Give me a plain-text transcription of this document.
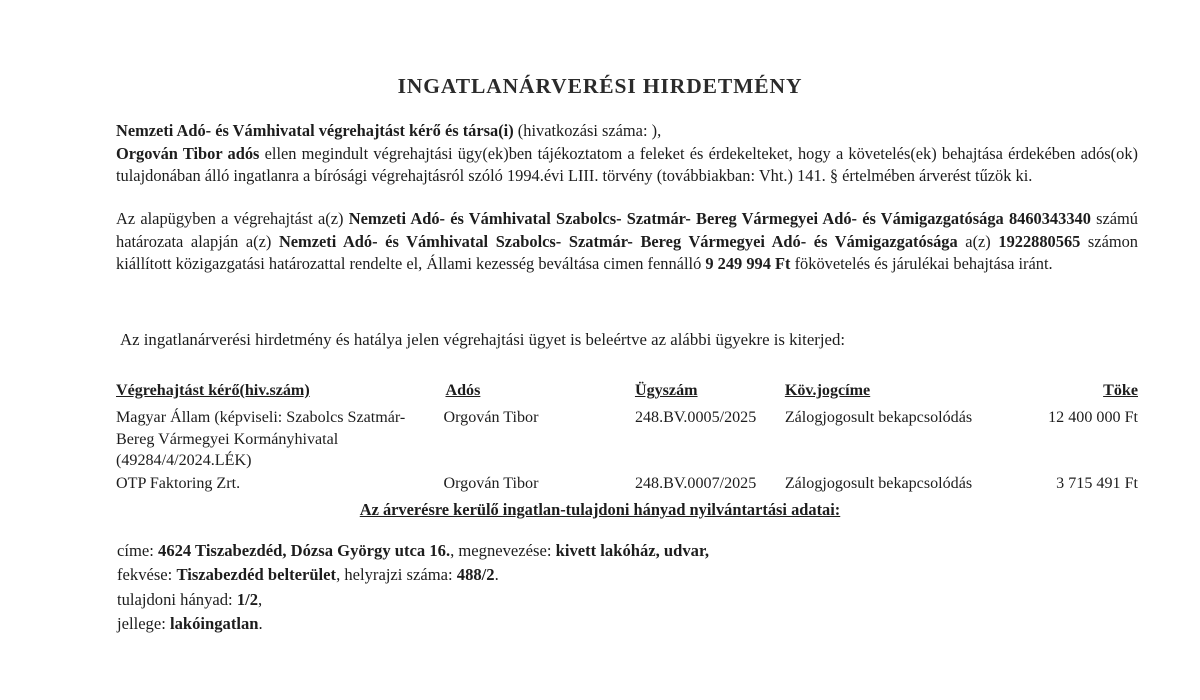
INGATLANÁRVERÉSI HIRDETMÉNY
Nemzeti Adó- és Vámhivatal végrehajtást kérő és társa(i) (hivatkozási száma: ),
Orgován Tibor adós ellen megindult végrehajtási ügy(ek)ben tájékoztatom a feleket és érdekelteket, hogy a követelés(ek) behajtása érdekében adós(ok) tulajdonában álló ingatlanra a bírósági végrehajtásról szóló 1994.évi LIII. törvény (továbbiakban: Vht.) 141. § értelmében árverést tűzök ki.
Az alapügyben a végrehajtást a(z) Nemzeti Adó- és Vámhivatal Szabolcs- Szatmár- Bereg Vármegyei Adó- és Vámigazgatósága 8460343340 számú határozata alapján a(z) Nemzeti Adó- és Vámhivatal Szabolcs- Szatmár- Bereg Vármegyei Adó- és Vámigazgatósága a(z) 1922880565 számon kiállított közigazgatási határozattal rendelte el, Állami kezesség beváltása cimen fennálló 9 249 994 Ft fökövetelés és járulékai behajtása iránt.
Az ingatlanárverési hirdetmény és hatálya jelen végrehajtási ügyet is beleértve az alábbi ügyekre is kiterjed:
Végrehajtást kérő(hiv.szám)	Adós	Ügyszám	Köv.jogcíme	Töke

Magyar Állam (képviseli: Szabolcs Szatmár-
Bereg Vármegyei Kormányhivatal
(49284/4/2024.LÉK)	Orgován Tibor	248.BV.0005/2025	Zálogjogosult bekapcsolódás	12 400 000 Ft
OTP Faktoring Zrt.	Orgován Tibor	248.BV.0007/2025	Zálogjogosult bekapcsolódás	3 715 491 Ft
Az árverésre kerülő ingatlan-tulajdoni hányad nyilvántartási adatai:
címe: 4624 Tiszabezdéd, Dózsa György utca 16., megnevezése: kivett lakóház, udvar,
fekvése: Tiszabezdéd belterület, helyrajzi száma: 488/2.
tulajdoni hányad: 1/2,
jellege: lakóingatlan.
